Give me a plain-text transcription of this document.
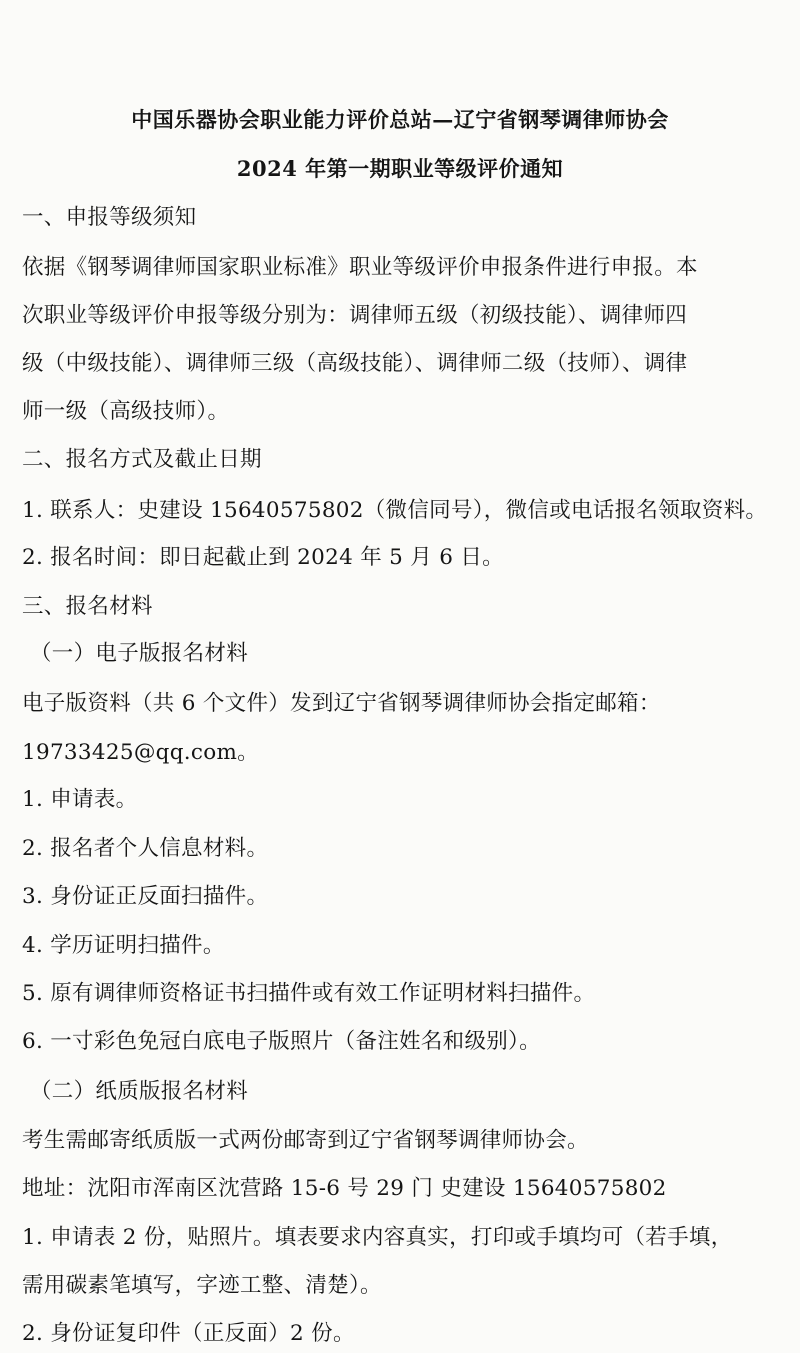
中国乐器协会职业能力评价总站—辽宁省钢琴调律师协会
2024 年第一期职业等级评价通知
一、申报等级须知
依据《钢琴调律师国家职业标准》职业等级评价申报条件进行申报。本
次职业等级评价申报等级分别为：调律师五级（初级技能）、调律师四
级（中级技能）、调律师三级（高级技能）、调律师二级（技师）、调律
师一级（高级技师）。
二、报名方式及截止日期
1. 联系人：史建设 15640575802（微信同号），微信或电话报名领取资料。
2. 报名时间：即日起截止到 2024 年 5 月 6 日。
三、报名材料
（一）电子版报名材料
电子版资料（共 6 个文件）发到辽宁省钢琴调律师协会指定邮箱：
19733425@qq.com。
1. 申请表。
2. 报名者个人信息材料。
3. 身份证正反面扫描件。
4. 学历证明扫描件。
5. 原有调律师资格证书扫描件或有效工作证明材料扫描件。
6. 一寸彩色免冠白底电子版照片（备注姓名和级别）。
（二）纸质版报名材料
考生需邮寄纸质版一式两份邮寄到辽宁省钢琴调律师协会。
地址：沈阳市浑南区沈营路 15-6 号 29 门 史建设 15640575802
1. 申请表 2 份，贴照片。填表要求内容真实，打印或手填均可（若手填，
需用碳素笔填写，字迹工整、清楚）。
2. 身份证复印件（正反面）2 份。
